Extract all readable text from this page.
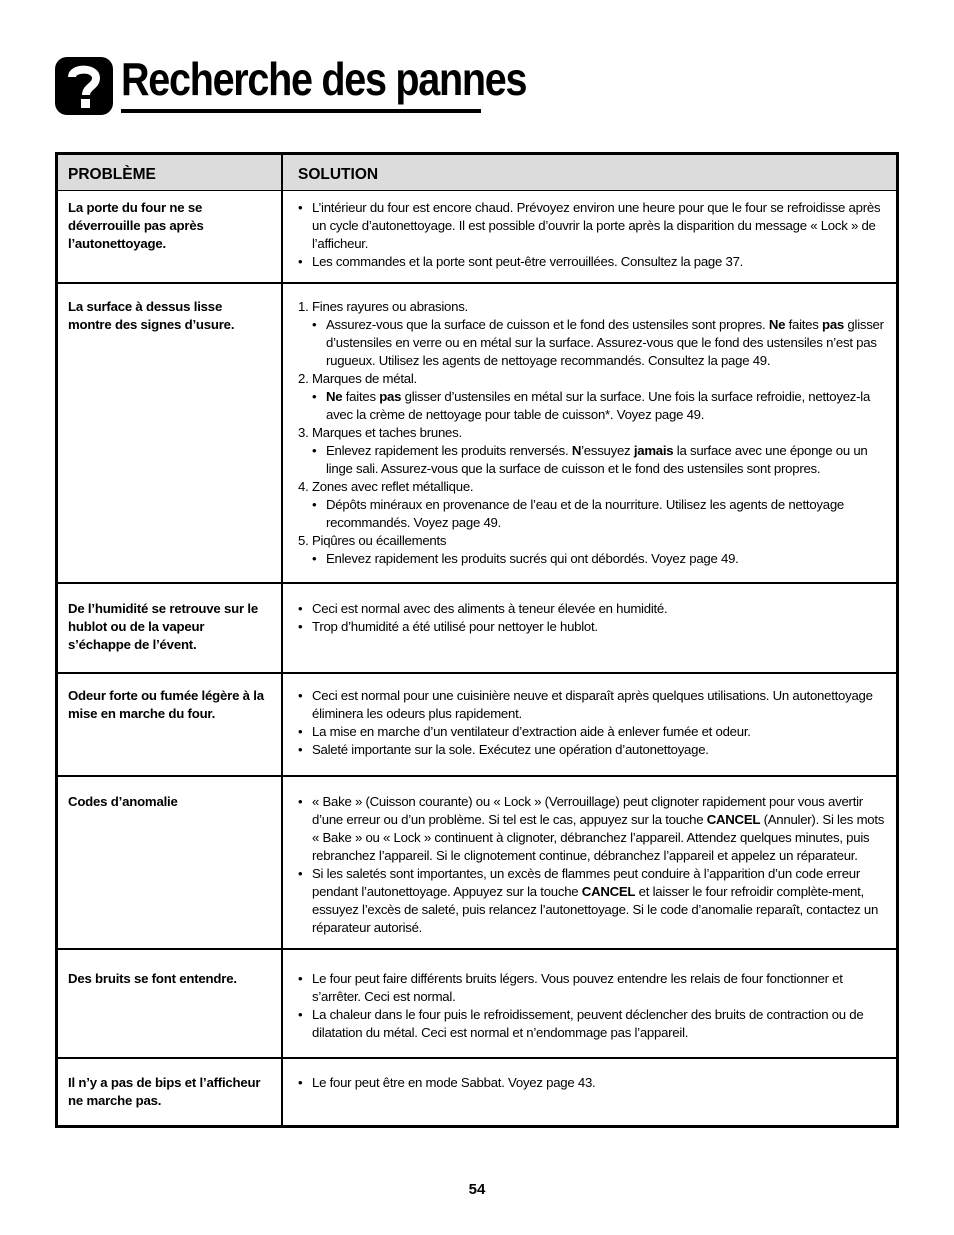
Recherche des pannes
PROBLÈME	SOLUTION
La porte du four ne se déverrouille pas après l’autonettoyage.
• L’intérieur du four est encore chaud. Prévoyez environ une heure pour que le four se refroidisse après un cycle d’autonettoyage. Il est possible d’ouvrir la porte après la disparition du message « Lock » de l’afficheur.
• Les commandes et la porte sont peut-être verrouillées. Consultez la page 37.
La surface à dessus lisse montre des signes d’usure.
1. Fines rayures ou abrasions.
• Assurez-vous que la surface de cuisson et le fond des ustensiles sont propres. Ne faites pas glisser d’ustensiles en verre ou en métal sur la surface. Assurez-vous que le fond des ustensiles n’est pas rugueux. Utilisez les agents de nettoyage recommandés. Consultez la page 49.
2. Marques de métal.
• Ne faites pas glisser d’ustensiles en métal sur la surface. Une fois la surface refroidie, nettoyez-la avec la crème de nettoyage pour table de cuisson*. Voyez page 49.
3. Marques et taches brunes.
• Enlevez rapidement les produits renversés. N’essuyez jamais la surface avec une éponge ou un linge sali. Assurez-vous que la surface de cuisson et le fond des ustensiles sont propres.
4. Zones avec reflet métallique.
• Dépôts minéraux en provenance de l’eau et de la nourriture. Utilisez les agents de nettoyage recommandés. Voyez page 49.
5. Piqûres ou écaillements
• Enlevez rapidement les produits sucrés qui ont débordés. Voyez page 49.
De l’humidité se retrouve sur le hublot ou de la vapeur s’échappe de l’évent.
• Ceci est normal avec des aliments à teneur élevée en humidité.
• Trop d’humidité a été utilisé pour nettoyer le hublot.
Odeur forte ou fumée légère à la mise en marche du four.
• Ceci est normal pour une cuisinière neuve et disparaît après quelques utilisations. Un autonettoyage éliminera les odeurs plus rapidement.
• La mise en marche d’un ventilateur d’extraction aide à enlever fumée et odeur.
• Saleté importante sur la sole. Exécutez une opération d’autonettoyage.
Codes d’anomalie	• « Bake » (Cuisson courante) ou « Lock » (Verrouillage) peut clignoter rapidement pour vous avertir d’une erreur ou d’un problème. Si tel est le cas, appuyez sur la touche CANCEL (Annuler). Si les mots « Bake » ou « Lock » continuent à clignoter, débranchez l’appareil. Attendez quelques minutes, puis rebranchez l’appareil. Si le clignotement continue, débranchez l’appareil et appelez un réparateur.
• Si les saletés sont importantes, un excès de flammes peut conduire à l’apparition d’un code erreur pendant l’autonettoyage. Appuyez sur la touche CANCEL et laisser le four refroidir complète-ment, essuyez l’excès de saleté, puis relancez l’autonettoyage. Si le code d’anomalie reparaît, contactez un réparateur autorisé.
Des bruits se font entendre.	• Le four peut faire différents bruits légers. Vous pouvez entendre les relais de four fonctionner et s’arrêter. Ceci est normal.
• La chaleur dans le four puis le refroidissement, peuvent déclencher des bruits de contraction ou de dilatation du métal. Ceci est normal et n’endommage pas l’appareil.
Il n’y a pas de bips et l’afficheur ne marche pas.
• Le four peut être en mode Sabbat. Voyez page 43.
54
